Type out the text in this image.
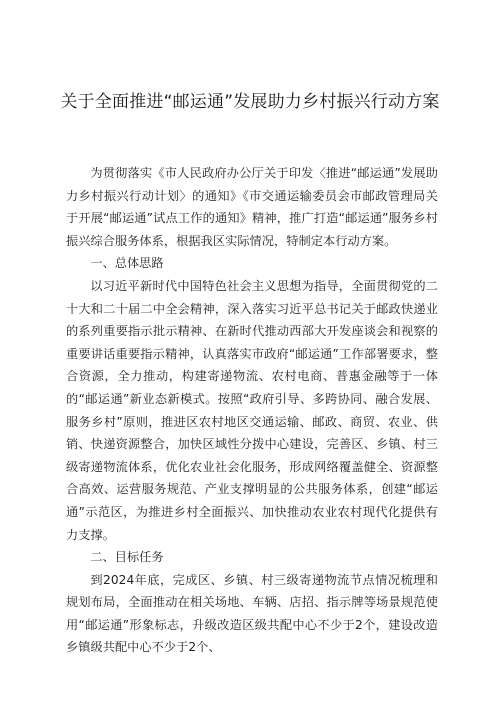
关于全面推进“邮运通”发展助力乡村振兴行动方案

为贯彻落实《市人民政府办公厅关于印发〈推进“邮运通”发展助力乡村振兴行动计划〉的通知》《市交通运输委员会市邮政管理局关于开展“邮运通”试点工作的通知》精神，推广打造“邮运通”服务乡村振兴综合服务体系，根据我区实际情况，特制定本行动方案。

一、总体思路

以习近平新时代中国特色社会主义思想为指导，全面贯彻党的二十大和二十届二中全会精神，深入落实习近平总书记关于邮政快递业的系列重要指示批示精神、在新时代推动西部大开发座谈会和视察的重要讲话重要指示精神，认真落实市政府“邮运通”工作部署要求，整合资源，全力推动，构建寄递物流、农村电商、普惠金融等于一体的“邮运通”新业态新模式。按照“政府引导、多跨协同、融合发展、服务乡村”原则，推进区农村地区交通运输、邮政、商贸、农业、供销、快递资源整合，加快区域性分拨中心建设，完善区、乡镇、村三级寄递物流体系，优化农业社会化服务，形成网络覆盖健全、资源整合高效、运营服务规范、产业支撑明显的公共服务体系，创建“邮运通”示范区，为推进乡村全面振兴、加快推动农业农村现代化提供有力支撑。

二、目标任务

到2024年底，完成区、乡镇、村三级寄递物流节点情况梳理和规划布局，全面推动在相关场地、车辆、店招、指示牌等场景规范使用“邮运通”形象标志，升级改造区级共配中心不少于2个，建设改造乡镇级共配中心不少于2个、
